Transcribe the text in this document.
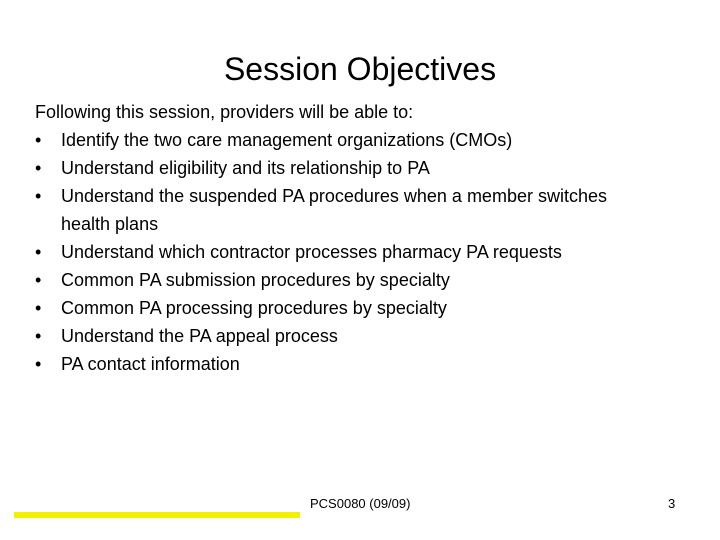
Session Objectives
Following this session, providers will be able to:
•	Identify the two care management organizations (CMOs)
•	Understand eligibility and its relationship to PA
•	Understand the suspended PA procedures when a member switches health plans
•	Understand which contractor processes pharmacy PA requests
•	Common PA submission procedures by specialty
•	Common PA processing procedures by specialty
•	Understand the PA appeal process
•	PA contact information
PCS0080 (09/09)	3
